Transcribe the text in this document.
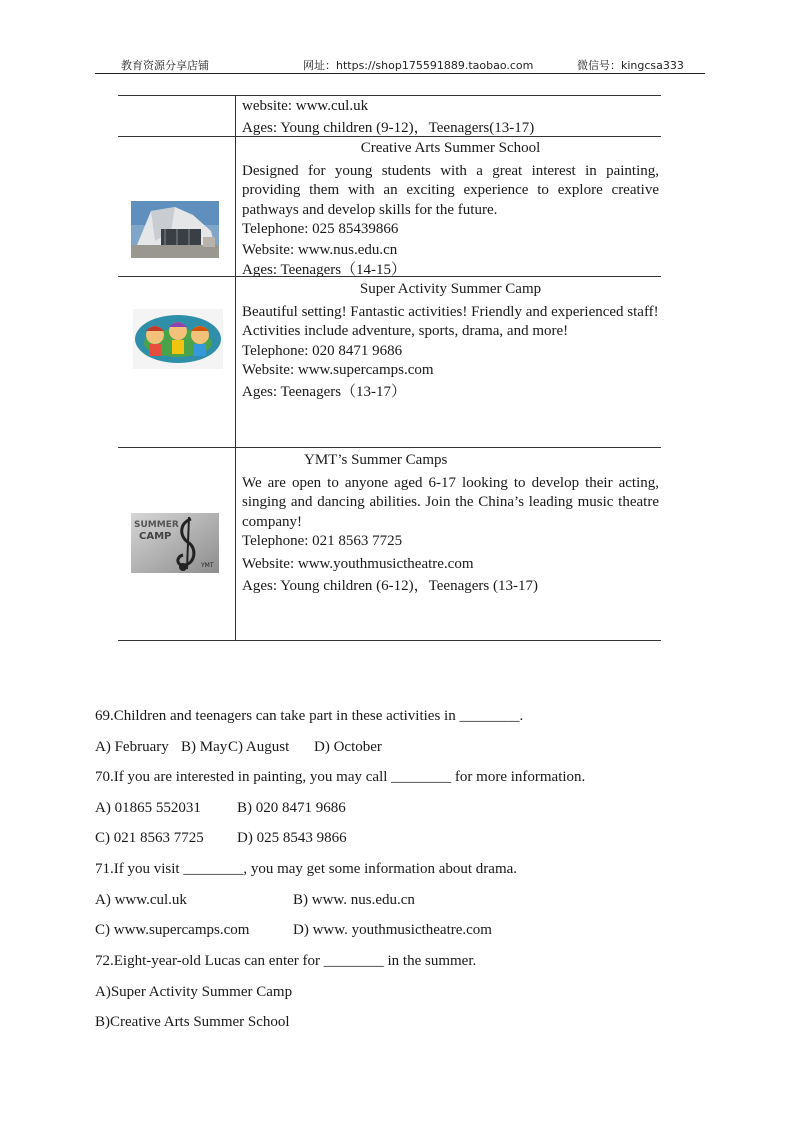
教育资源分享店铺	网址：https://shop175591889.taobao.com	微信号：kingcsa333

website: www.cul.uk

Ages: Young children (9-12)，Teenagers(13-17)

Creative Arts Summer School

Designed for young students with a great interest in painting, providing them with an exciting experience to explore creative pathways and develop skills for the future.

Telephone: 025 85439866

Website: www.nus.edu.cn

Ages: Teenagers（14-15）

Super Activity Summer Camp

Beautiful setting! Fantastic activities! Friendly and experienced staff!

Activities include adventure, sports, drama, and more!

Telephone: 020 8471 9686

Website: www.supercamps.com

Ages: Teenagers（13-17）

SUMMER
CAMP
YMT

YMT’s Summer Camps

We are open to anyone aged 6-17 looking to develop their acting, singing and dancing abilities. Join the China’s leading music theatre company!

Telephone: 021 8563 7725

Website: www.youthmusictheatre.com

Ages: Young children (6-12)，Teenagers (13-17)

69.Children and teenagers can take part in these activities in ________.
A) February B) MayC) August D) October
70.If you are interested in painting, you may call ________ for more information.
A) 01865 552031 B) 020 8471 9686
C) 021 8563 7725 D) 025 8543 9866
71.If you visit ________, you may get some information about drama.
A) www.cul.uk	B) www. nus.edu.cn
C) www.supercamps.com	D) www. youthmusictheatre.com
72.Eight-year-old Lucas can enter for ________ in the summer.
A)Super Activity Summer Camp
B)Creative Arts Summer School
